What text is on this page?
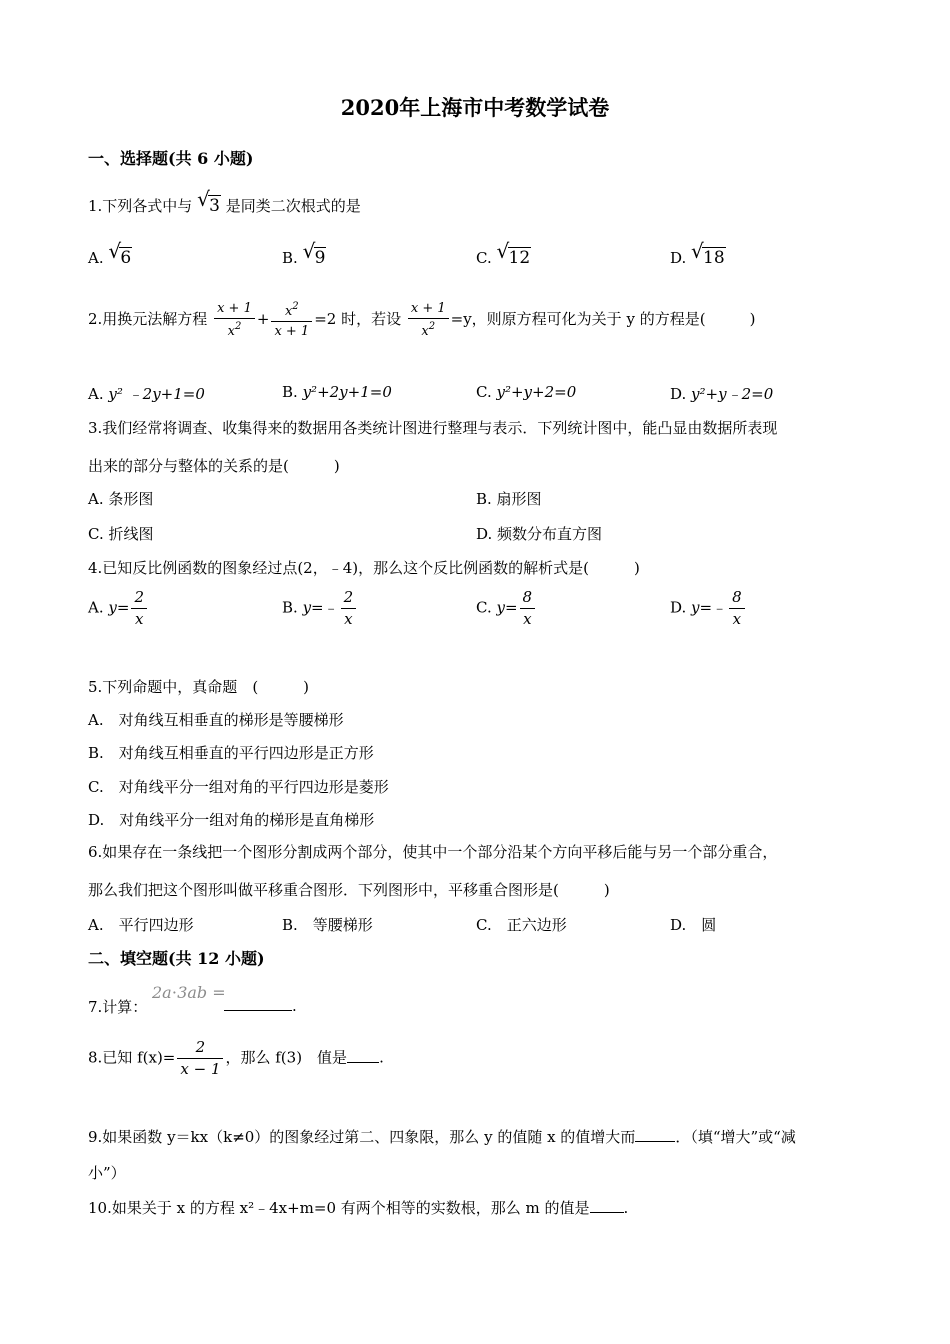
2020年上海市中考数学试卷
一、选择题(共 6 小题)
1.下列各式中与 √ 3 是同类二次根式的是
A. √ 6	B. √ 9	C. √ 12	D. √ 18
2.用换元法解方程 $\frac{x + 1}{x^2} + \frac{x^2}{x + 1} =2$ 时，若设 $\frac{x + 1}{x^2} =y$，则原方程可化为关于 y 的方程是(	)
A. y² ﹣2y+1=0	B. y²+2y+1=0	C. y²+y+2=0	D. y²+y﹣2=0
3.我们经常将调查、收集得来的数据用各类统计图进行整理与表示．下列统计图中，能凸显由数据所表现
出来的部分与整体的关系的是(　　　)
A. 条形图	B. 扇形图
C. 折线图	D. 频数分布直方图
4.已知反比例函数的图象经过点(2，﹣4)，那么这个反比例函数的解析式是(　　　)
A. $y= \frac{2}{x}$	B. y=﹣ $\frac{2}{x}$	C. $y= \frac{8}{x}$	D. y=﹣ $\frac{8}{x}$
5.下列命题中，真命题　(　　　)
A.　对角线互相垂直的梯形是等腰梯形
B.　对角线互相垂直的平行四边形是正方形
C.　对角线平分一组对角的平行四边形是菱形
D.　对角线平分一组对角的梯形是直角梯形
6.如果存在一条线把一个图形分割成两个部分，使其中一个部分沿某个方向平移后能与另一个部分重合，
那么我们把这个图形叫做平移重合图形．下列图形中，平移重合图形是(　　　)
A.　平行四边形	B.　等腰梯形	C.　正六边形	D.　圆
二、填空题(共 12 小题)
7.计算：
2a⋅3ab =
.
8.已知 $f(x)= \frac{2}{x - 1}$ ，那么 f(3)　值是 .
9.如果函数 y＝kx（k≠0）的图象经过第二、四象限，那么 y 的值随 x 的值增大而	．（填“增大”或“减
小”）
10.如果关于 x 的方程 x²﹣4x+m=0 有两个相等的实数根，那么 m 的值是 .
